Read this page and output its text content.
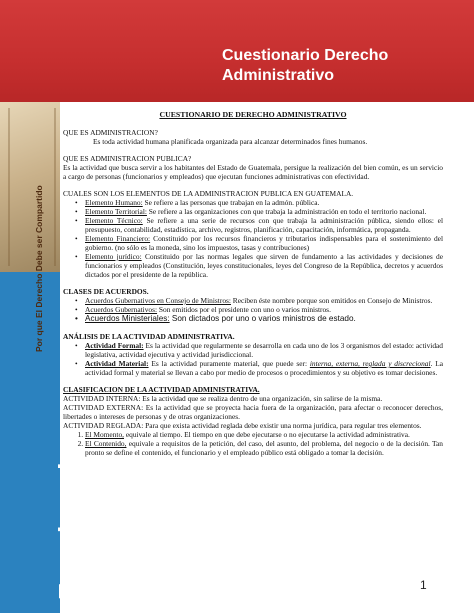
Cuestionario Derecho
Administrativo
Por que El Derecho Debe ser Compartido
Estuderecho.com

CUESTIONARIO DE DERECHO ADMINISTRATIVO

QUE ES ADMINISTRACION?

Es toda actividad humana planificada organizada para alcanzar determinados fines humanos.

QUE ES ADMINISTRACION PUBLICA?

Es la actividad que busca servir a los habitantes del Estado de Guatemala, persigue la realización del bien común, es un servicio a cargo de personas (funcionarios y empleados) que ejecutan funciones administrativas con efectividad.

CUALES SON LOS ELEMENTOS DE LA ADMINISTRACION PUBLICA EN GUATEMALA.

• Elemento Humano: Se refiere a las personas que trabajan en la admón. pública.
• Elemento Territorial: Se refiere a las organizaciones con que trabaja la administración en todo el territorio nacional.
• Elemento Técnico: Se refiere a una serie de recursos con que trabaja la administración pública, siendo ellos: el presupuesto, contabilidad, estadística, archivo, registros, planificación, capacitación, informática, propaganda.
• Elemento Financiero: Constituido por los recursos financieros y tributarios indispensables para el sostenimiento del gobierno. (no sólo es la moneda, sino los impuestos, tasas y contribuciones)
• Elemento jurídico: Constituido por las normas legales que sirven de fundamento a las actividades y decisiones de funcionarios y empleados (Constitución, leyes constitucionales, leyes del Congreso de la República, decretos y acuerdos dictados por el presidente de la república.

CLASES DE ACUERDOS.

• Acuerdos Gubernativos en Consejo de Ministros: Reciben éste nombre porque son emitidos en Consejo de Ministros.
• Acuerdos Gubernativos: Son emitidos por el presidente con uno o varios ministros.
• Acuerdos Ministeriales: Son dictados por uno o varios ministros de estado.

ANÁLISIS DE LA ACTIVIDAD ADMINISTRATIVA.

• Actividad Formal: Es la actividad que regularmente se desarrolla en cada uno de los 3 organismos del estado: actividad legislativa, actividad ejecutiva y actividad jurisdiccional.
• Actividad Material: Es la actividad puramente material, que puede ser: interna, externa, reglada y discrecional. La actividad formal y material se llevan a cabo por medio de procesos o procedimientos y su objetivo es tomar decisiones.

CLASIFICACION DE LA ACTIVIDAD ADMINISTRATIVA.

ACTIVIDAD INTERNA: Es la actividad que se realiza dentro de una organización, sin salirse de la misma.

ACTIVIDAD EXTERNA: Es la actividad que se proyecta hacia fuera de la organización, para afectar o reconocer derechos, libertades o intereses de personas y de otras organizaciones.

ACTIVIDAD REGLADA: Para que exista actividad reglada debe existir una norma jurídica, para regular tres elementos.

1. El Momento, equivale al tiempo. El tiempo en que debe ejecutarse o no ejecutarse la actividad administrativa.
2. El Contenido, equivale a requisitos de la petición, del caso, del asunto, del problema, del negocio o de la decisión. Tan pronto se define el contenido, el funcionario y el empleado público está obligado a tomar la decisión.
1
